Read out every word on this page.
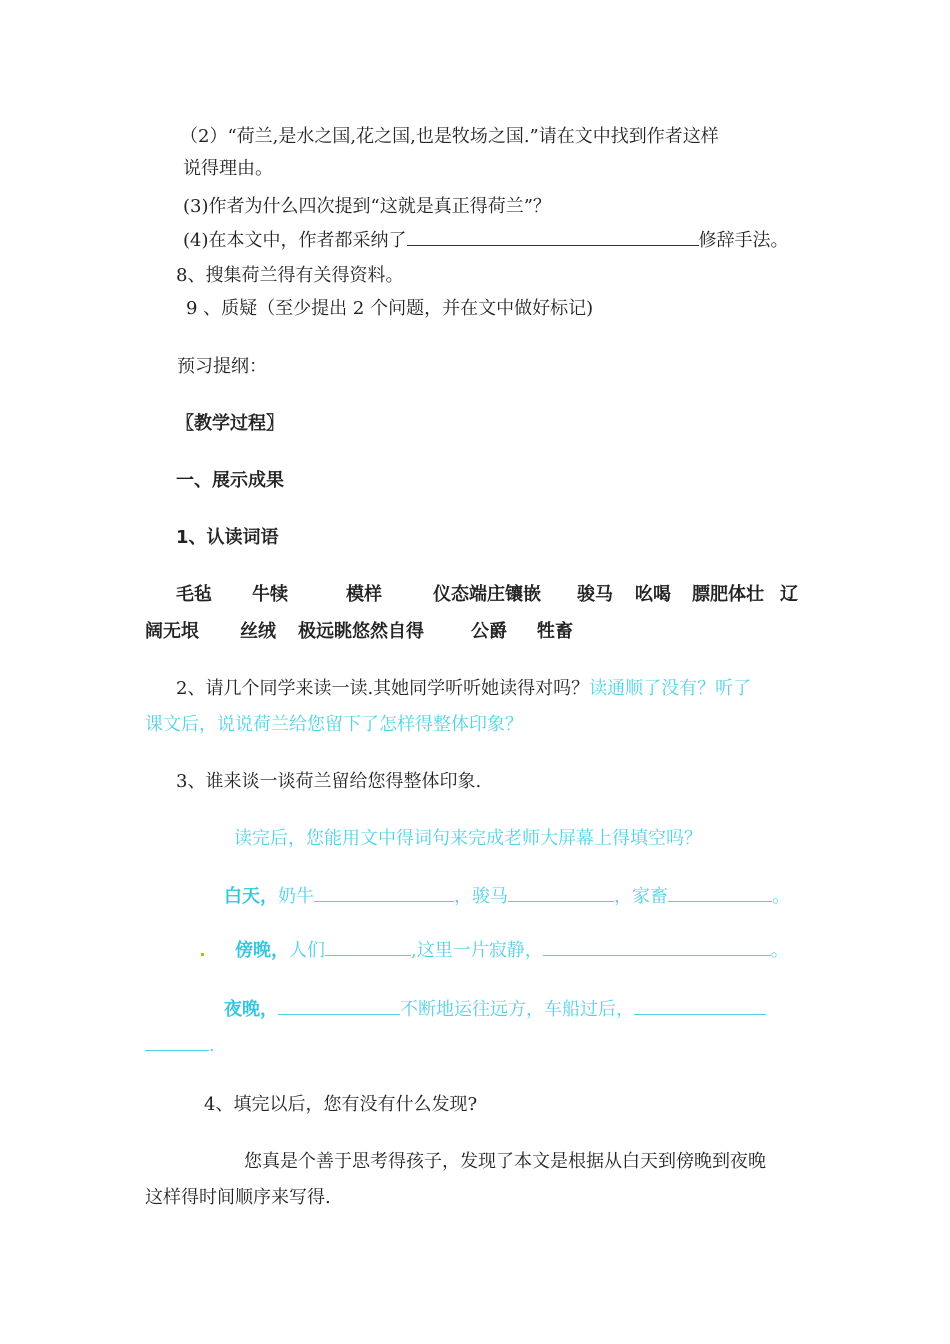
（2）“荷兰,是水之国,花之国,也是牧场之国.”请在文中找到作者这样
说得理由。
(3)作者为什么四次提到“这就是真正得荷兰”？
(4)在本文中，作者都采纳了	修辞手法。
8、搜集荷兰得有关得资料。
9 、质疑（至少提出 2 个问题，并在文中做好标记)
预习提纲：
〖教学过程〗
一、展示成果
1、认读词语
毛毡 牛犊	模样	仪态端庄镶嵌 骏马 吆喝 膘肥体壮 辽
阔无垠 丝绒 极远眺悠然自得	公爵 牲畜
2、请几个同学来读一读.其她同学听听她读得对吗？读通顺了没有？听了
课文后，说说荷兰给您留下了怎样得整体印象？
3、谁来谈一谈荷兰留给您得整体印象.
读完后，您能用文中得词句来完成老师大屏幕上得填空吗？
白天，奶牛	，骏马	，家畜	。
傍晚，人们	,这里一片寂静，	。
夜晚，	不断地运往远方，车船过后，
.
4、填完以后，您有没有什么发现?
您真是个善于思考得孩子，发现了本文是根据从白天到傍晚到夜晚
这样得时间顺序来写得.
